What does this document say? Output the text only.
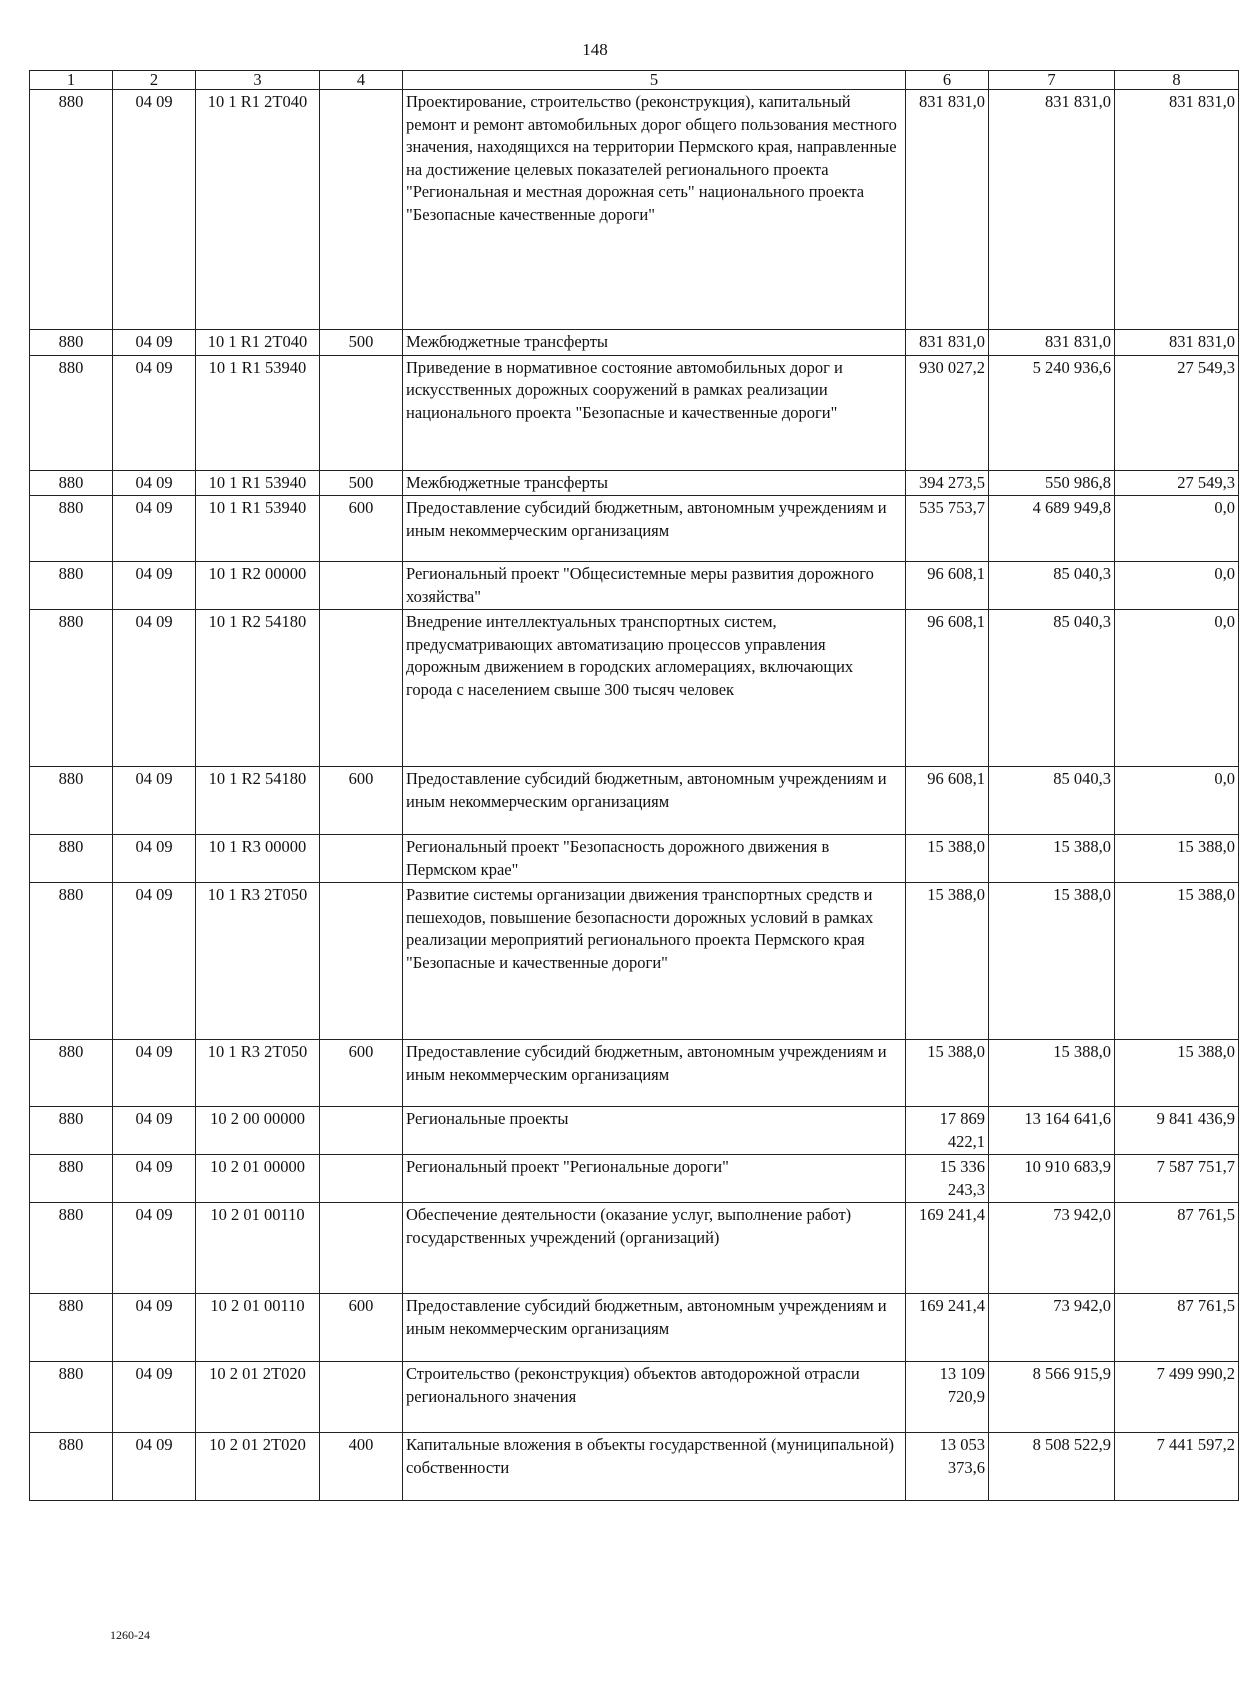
148
1	2	3	4	5	6	7	8
880	04 09	10 1 R1 2T040		Проектирование, строительство (реконструкция), капитальный ремонт и ремонт автомобильных дорог общего пользования местного значения, находящихся на территории Пермского края, направленные на достижение целевых показателей регионального проекта "Региональная и местная дорожная сеть" национального проекта "Безопасные качественные дороги"	831 831,0	831 831,0	831 831,0
880	04 09	10 1 R1 2T040	500	Межбюджетные трансферты	831 831,0	831 831,0	831 831,0
880	04 09	10 1 R1 53940		Приведение в нормативное состояние автомобильных дорог и искусственных дорожных сооружений в рамках реализации национального проекта "Безопасные и качественные дороги"	930 027,2	5 240 936,6	27 549,3
880	04 09	10 1 R1 53940	500	Межбюджетные трансферты	394 273,5	550 986,8	27 549,3
880	04 09	10 1 R1 53940	600	Предоставление субсидий бюджетным, автономным учреждениям и иным некоммерческим организациям	535 753,7	4 689 949,8	0,0
880	04 09	10 1 R2 00000		Региональный проект "Общесистемные меры развития дорожного хозяйства"	96 608,1	85 040,3	0,0
880	04 09	10 1 R2 54180		Внедрение интеллектуальных транспортных систем, предусматривающих автоматизацию процессов управления дорожным движением в городских агломерациях, включающих города с населением свыше 300 тысяч человек	96 608,1	85 040,3	0,0
880	04 09	10 1 R2 54180	600	Предоставление субсидий бюджетным, автономным учреждениям и иным некоммерческим организациям	96 608,1	85 040,3	0,0
880	04 09	10 1 R3 00000		Региональный проект "Безопасность дорожного движения в Пермском крае"	15 388,0	15 388,0	15 388,0
880	04 09	10 1 R3 2T050		Развитие системы организации движения транспортных средств и пешеходов, повышение безопасности дорожных условий в рамках реализации мероприятий регионального проекта Пермского края "Безопасные и качественные дороги"	15 388,0	15 388,0	15 388,0
880	04 09	10 1 R3 2T050	600	Предоставление субсидий бюджетным, автономным учреждениям и иным некоммерческим организациям	15 388,0	15 388,0	15 388,0
880	04 09	10 2 00 00000		Региональные проекты	17 869 422,1	13 164 641,6	9 841 436,9
880	04 09	10 2 01 00000		Региональный проект "Региональные дороги"	15 336 243,3	10 910 683,9	7 587 751,7
880	04 09	10 2 01 00110		Обеспечение деятельности (оказание услуг, выполнение работ) государственных учреждений (организаций)	169 241,4	73 942,0	87 761,5
880	04 09	10 2 01 00110	600	Предоставление субсидий бюджетным, автономным учреждениям и иным некоммерческим организациям	169 241,4	73 942,0	87 761,5
880	04 09	10 2 01 2T020		Строительство (реконструкция) объектов автодорожной отрасли регионального значения	13 109 720,9	8 566 915,9	7 499 990,2
880	04 09	10 2 01 2T020	400	Капитальные вложения в объекты государственной (муниципальной) собственности	13 053 373,6	8 508 522,9	7 441 597,2
1260-24
